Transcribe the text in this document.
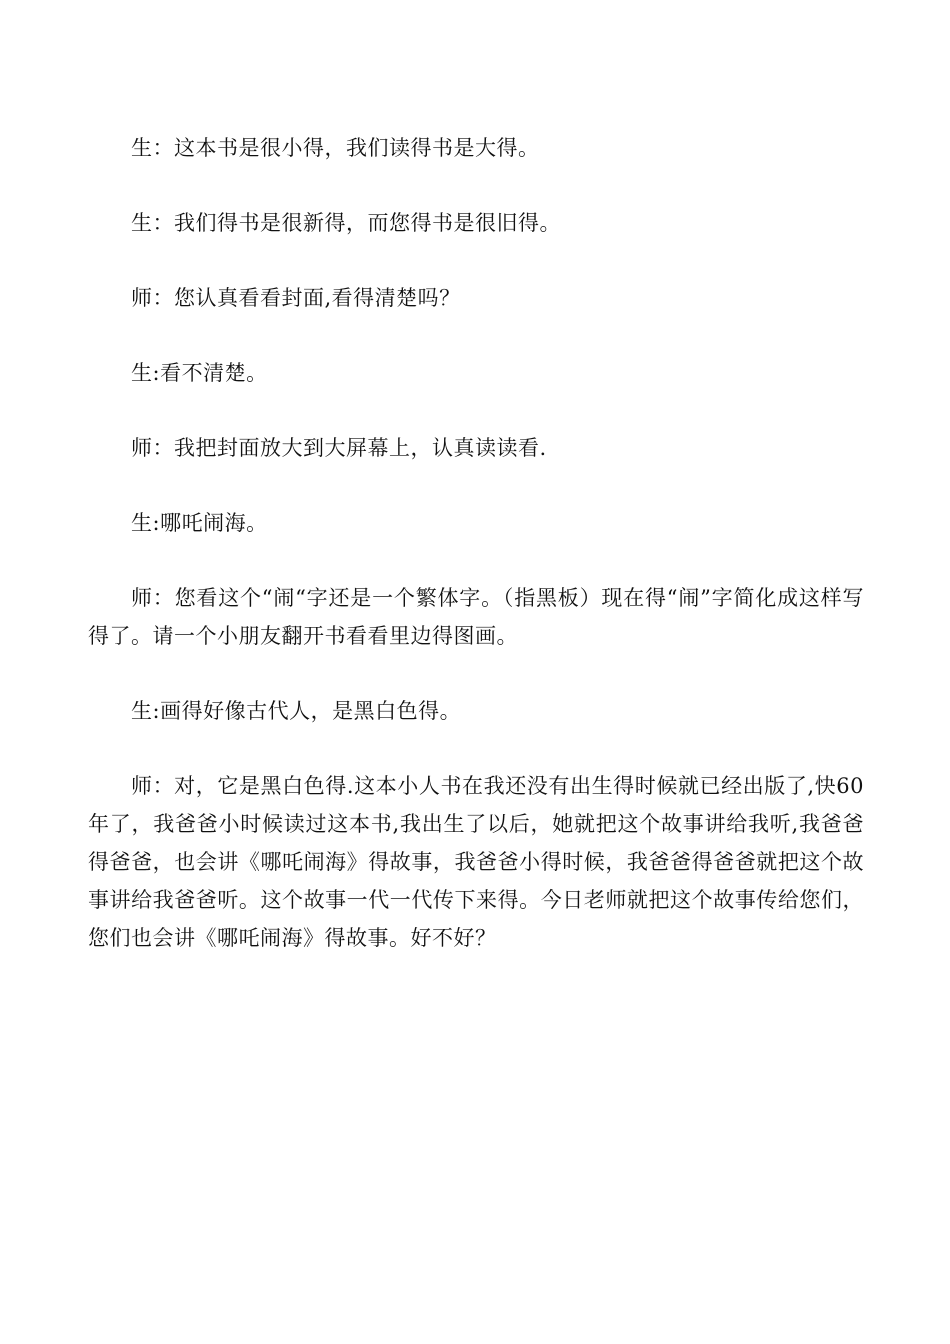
生：这本书是很小得，我们读得书是大得。

生：我们得书是很新得，而您得书是很旧得。

师：您认真看看封面,看得清楚吗？

生:看不清楚。

师：我把封面放大到大屏幕上，认真读读看.

生:哪吒闹海。

师：您看这个“闹“字还是一个繁体字。（指黑板）现在得“闹”字简化成这样写得了。请一个小朋友翻开书看看里边得图画。

生:画得好像古代人，是黑白色得。

师：对，它是黑白色得.这本小人书在我还没有出生得时候就已经出版了,快60年了，我爸爸小时候读过这本书,我出生了以后，她就把这个故事讲给我听,我爸爸得爸爸，也会讲《哪吒闹海》得故事，我爸爸小得时候，我爸爸得爸爸就把这个故事讲给我爸爸听。这个故事一代一代传下来得。今日老师就把这个故事传给您们，您们也会讲《哪吒闹海》得故事。好不好？
